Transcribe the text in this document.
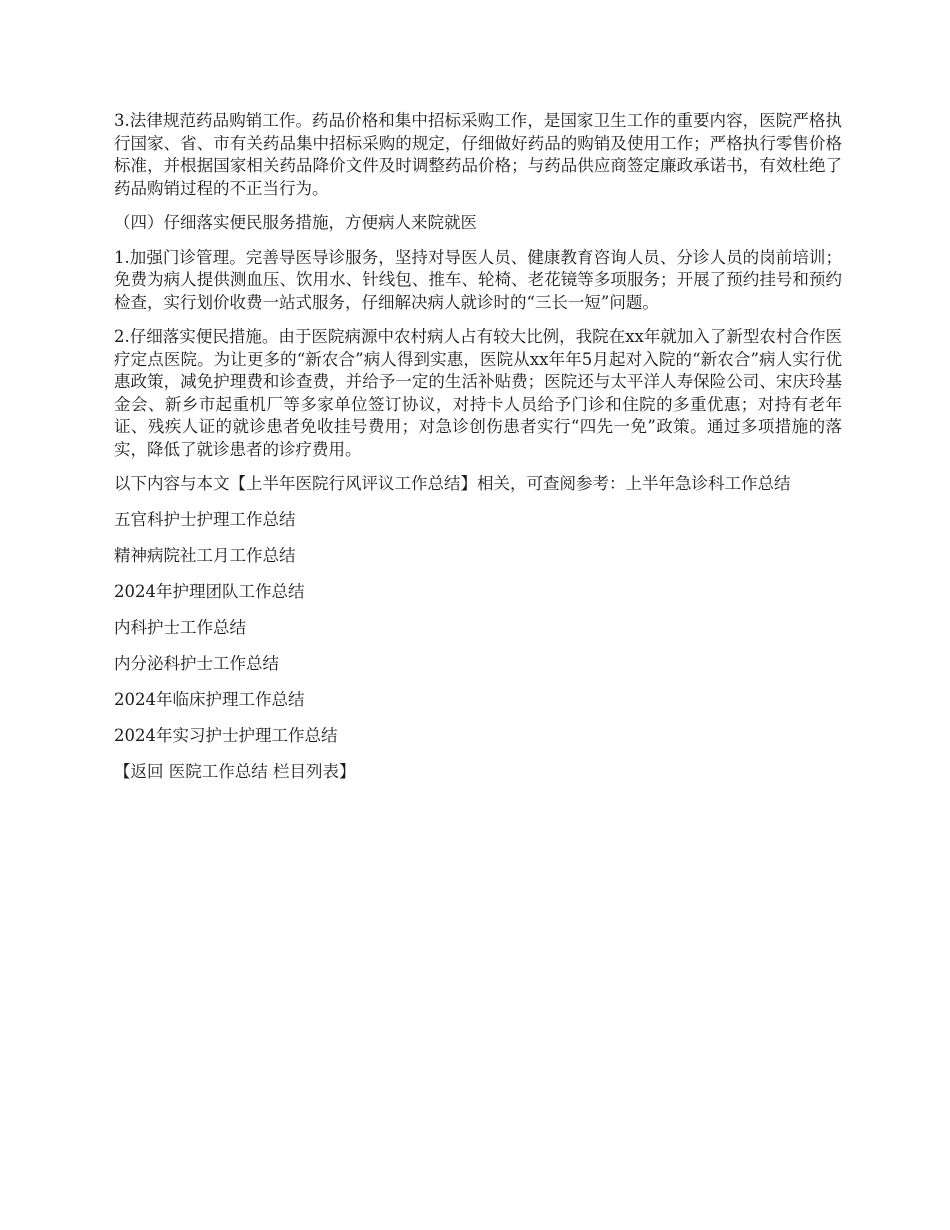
3.法律规范药品购销工作。药品价格和集中招标采购工作，是国家卫生工作的重要内容，医院严格执行国家、省、市有关药品集中招标采购的规定，仔细做好药品的购销及使用工作；严格执行零售价格标准，并根据国家相关药品降价文件及时调整药品价格；与药品供应商签定廉政承诺书，有效杜绝了药品购销过程的不正当行为。

（四）仔细落实便民服务措施，方便病人来院就医

1.加强门诊管理。完善导医导诊服务，坚持对导医人员、健康教育咨询人员、分诊人员的岗前培训；免费为病人提供测血压、饮用水、针线包、推车、轮椅、老花镜等多项服务；开展了预约挂号和预约检查，实行划价收费一站式服务，仔细解决病人就诊时的“三长一短”问题。

2.仔细落实便民措施。由于医院病源中农村病人占有较大比例，我院在xx年就加入了新型农村合作医疗定点医院。为让更多的“新农合”病人得到实惠，医院从xx年年5月起对入院的“新农合”病人实行优惠政策，减免护理费和诊查费，并给予一定的生活补贴费；医院还与太平洋人寿保险公司、宋庆玲基金会、新乡市起重机厂等多家单位签订协议，对持卡人员给予门诊和住院的多重优惠；对持有老年证、残疾人证的就诊患者免收挂号费用；对急诊创伤患者实行“四先一免”政策。通过多项措施的落实，降低了就诊患者的诊疗费用。

以下内容与本文【上半年医院行风评议工作总结】相关，可查阅参考：上半年急诊科工作总结

五官科护士护理工作总结
精神病院社工月工作总结
2024年护理团队工作总结
内科护士工作总结
内分泌科护士工作总结
2024年临床护理工作总结
2024年实习护士护理工作总结
【返回 医院工作总结 栏目列表】
